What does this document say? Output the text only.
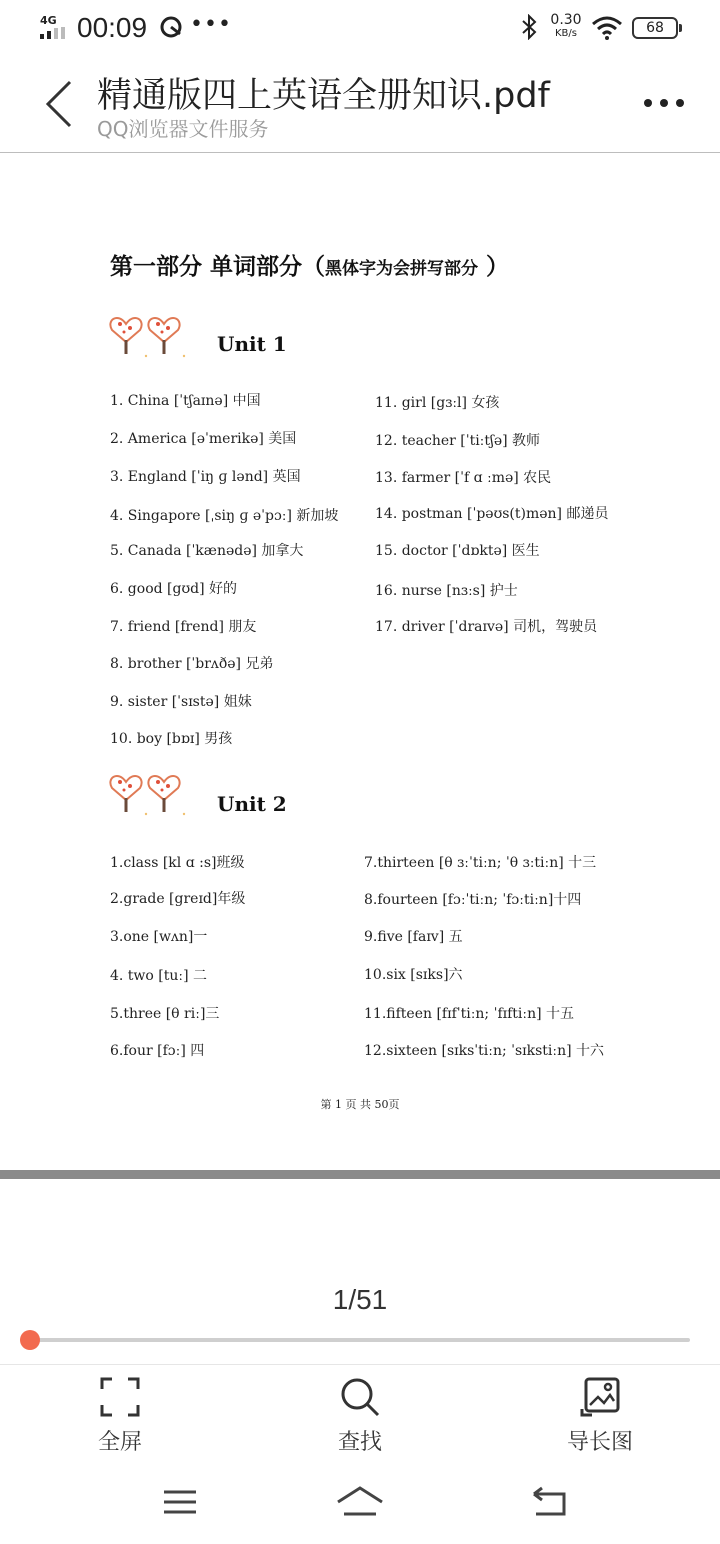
4G 00:09 •••	0.30
KB/s	68
精通版四上英语全册知识.pdf
QQ浏览器文件服务
第一部分 单词部分（黑体字为会拼写部分 ）
Unit 1
1. China [ˈtʃaɪnə] 中国
2. America [əˈmerikə] 美国
3. England [ˈiŋ ɡ lənd] 英国
4. Singapore [ˌsiŋ ɡ əˈpɔː] 新加坡
5. Canada [ˈkænədə] 加拿大
6. good [gʊd] 好的
7. friend [frend] 朋友
8. brother [ˈbrʌðə] 兄弟
9. sister [ˈsɪstə] 姐妹
10. boy [bɒɪ] 男孩
11. girl [gɜːl] 女孩
12. teacher [ˈtiːtʃə] 教师
13. farmer [ˈf ɑ ːmə] 农民
14. postman [ˈpəʊs(t)mən] 邮递员
15. doctor [ˈdɒktə] 医生
16. nurse [nɜːs] 护士
17. driver [ˈdraɪvə] 司机，驾驶员
Unit 2
1.class [kl ɑ :s]班级
2.grade [greɪd]年级
3.one [wʌn]一
4. two [tuː] 二
5.three [θ riː]三
6.four [fɔː] 四
7.thirteen [θ ɜːˈtiːn; ˈθ ɜːtiːn] 十三
8.fourteen [fɔːˈtiːn; ˈfɔːtiːn]十四
9.five [faɪv] 五
10.six [sɪks]六
11.fifteen [fɪfˈtiːn; ˈfɪftiːn] 十五
12.sixteen [sɪksˈtiːn; ˈsɪkstiːn] 十六
第 1 页 共 50页
1/51
全屏	查找	导长图
